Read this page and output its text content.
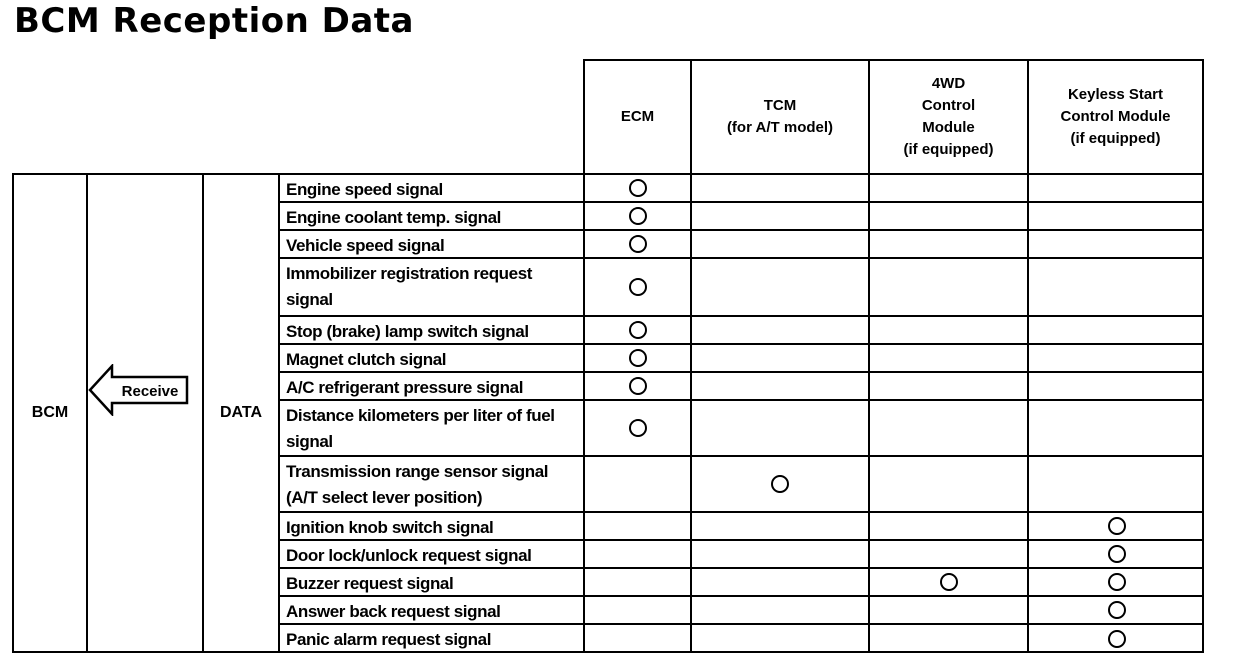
BCM Reception Data
ECM
TCM
(for A/T model)
4WD
Control
Module
(if equipped)
Keyless Start
Control Module
(if equipped)
BCM	DATA
Receive
Engine speed signal
Engine coolant temp. signal
Vehicle speed signal
Immobilizer registration request signal
Stop (brake) lamp switch signal
Magnet clutch signal
A/C refrigerant pressure signal
Distance kilometers per liter of fuel signal
Transmission range sensor signal (A/T select lever position)
Ignition knob switch signal
Door lock/unlock request signal
Buzzer request signal
Answer back request signal
Panic alarm request signal
